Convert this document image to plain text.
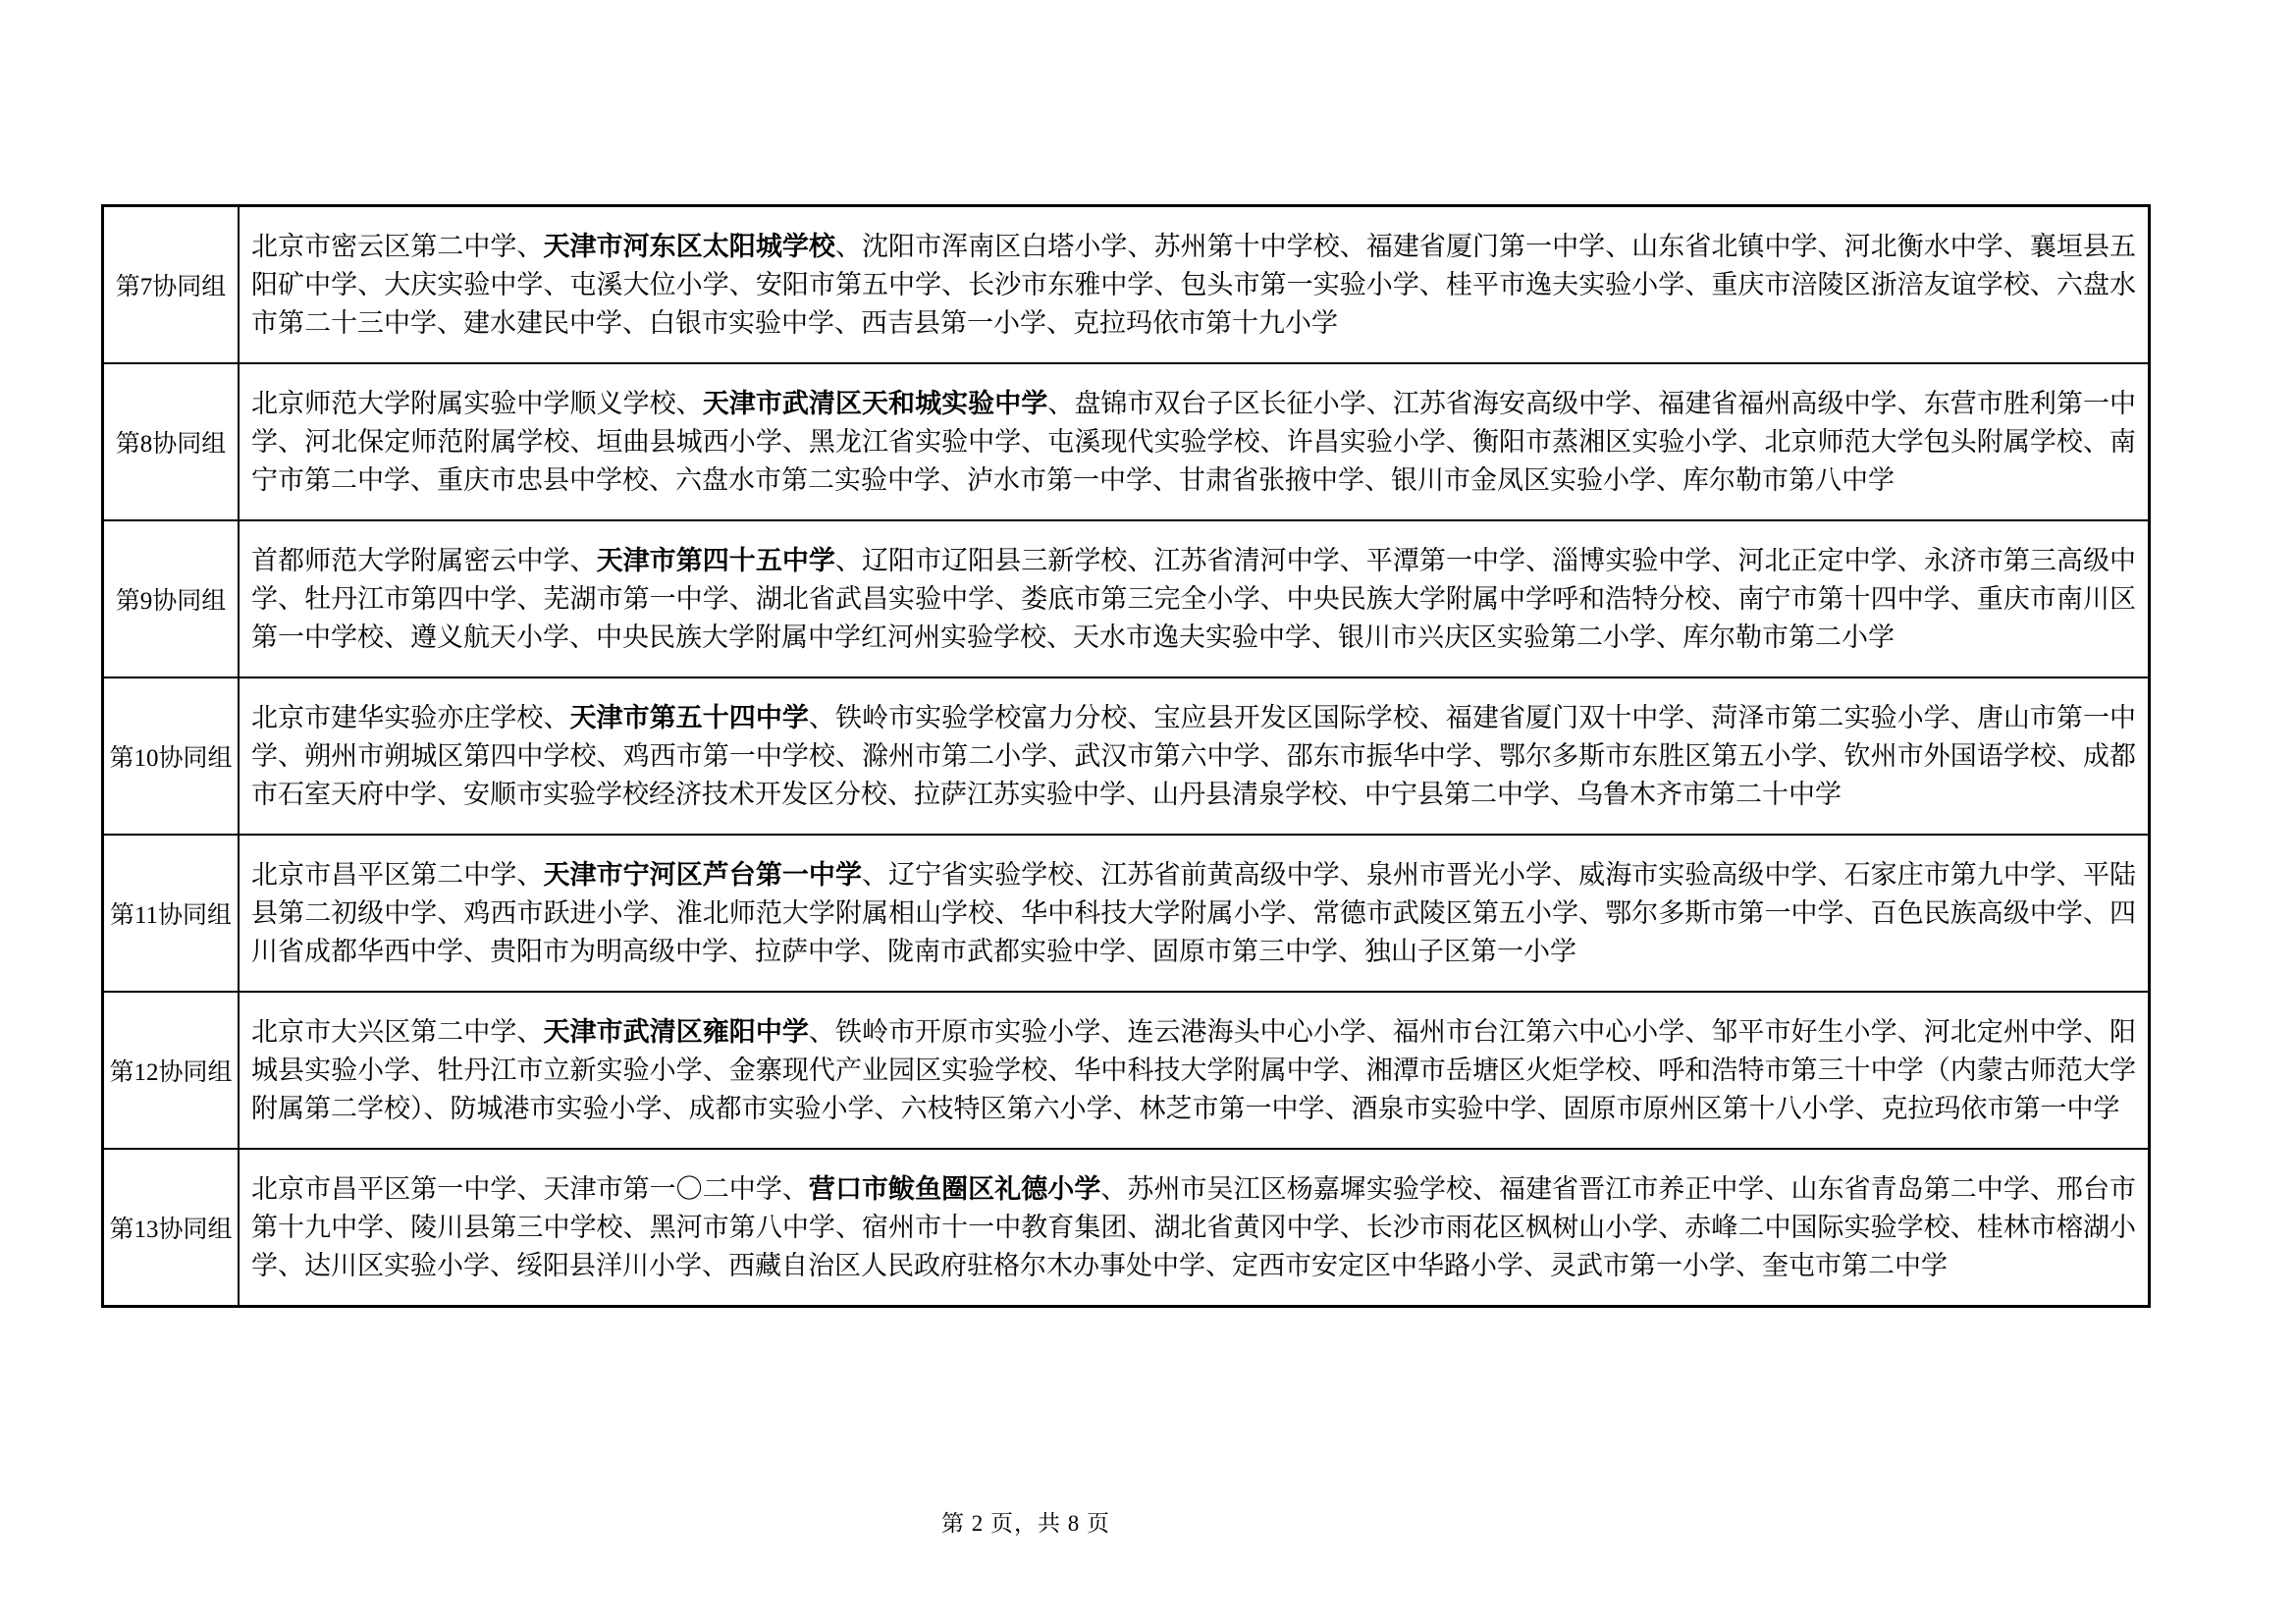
第7协同组	北京市密云区第二中学、天津市河东区太阳城学校、沈阳市浑南区白塔小学、苏州第十中学校、福建省厦门第一中学、山东省北镇中学、河北衡水中学、襄垣县五阳矿中学、大庆实验中学、屯溪大位小学、安阳市第五中学、长沙市东雅中学、包头市第一实验小学、桂平市逸夫实验小学、重庆市涪陵区浙涪友谊学校、六盘水市第二十三中学、建水建民中学、白银市实验中学、西吉县第一小学、克拉玛依市第十九小学
第8协同组	北京师范大学附属实验中学顺义学校、天津市武清区天和城实验中学、盘锦市双台子区长征小学、江苏省海安高级中学、福建省福州高级中学、东营市胜利第一中学、河北保定师范附属学校、垣曲县城西小学、黑龙江省实验中学、屯溪现代实验学校、许昌实验小学、衡阳市蒸湘区实验小学、北京师范大学包头附属学校、南宁市第二中学、重庆市忠县中学校、六盘水市第二实验中学、泸水市第一中学、甘肃省张掖中学、银川市金凤区实验小学、库尔勒市第八中学
第9协同组	首都师范大学附属密云中学、天津市第四十五中学、辽阳市辽阳县三新学校、江苏省清河中学、平潭第一中学、淄博实验中学、河北正定中学、永济市第三高级中学、牡丹江市第四中学、芜湖市第一中学、湖北省武昌实验中学、娄底市第三完全小学、中央民族大学附属中学呼和浩特分校、南宁市第十四中学、重庆市南川区第一中学校、遵义航天小学、中央民族大学附属中学红河州实验学校、天水市逸夫实验中学、银川市兴庆区实验第二小学、库尔勒市第二小学
第10协同组	北京市建华实验亦庄学校、天津市第五十四中学、铁岭市实验学校富力分校、宝应县开发区国际学校、福建省厦门双十中学、菏泽市第二实验小学、唐山市第一中学、朔州市朔城区第四中学校、鸡西市第一中学校、滁州市第二小学、武汉市第六中学、邵东市振华中学、鄂尔多斯市东胜区第五小学、钦州市外国语学校、成都市石室天府中学、安顺市实验学校经济技术开发区分校、拉萨江苏实验中学、山丹县清泉学校、中宁县第二中学、乌鲁木齐市第二十中学
第11协同组	北京市昌平区第二中学、天津市宁河区芦台第一中学、辽宁省实验学校、江苏省前黄高级中学、泉州市晋光小学、威海市实验高级中学、石家庄市第九中学、平陆县第二初级中学、鸡西市跃进小学、淮北师范大学附属相山学校、华中科技大学附属小学、常德市武陵区第五小学、鄂尔多斯市第一中学、百色民族高级中学、四川省成都华西中学、贵阳市为明高级中学、拉萨中学、陇南市武都实验中学、固原市第三中学、独山子区第一小学
第12协同组	北京市大兴区第二中学、天津市武清区雍阳中学、铁岭市开原市实验小学、连云港海头中心小学、福州市台江第六中心小学、邹平市好生小学、河北定州中学、阳城县实验小学、牡丹江市立新实验小学、金寨现代产业园区实验学校、华中科技大学附属中学、湘潭市岳塘区火炬学校、呼和浩特市第三十中学（内蒙古师范大学附属第二学校）、防城港市实验小学、成都市实验小学、六枝特区第六小学、林芝市第一中学、酒泉市实验中学、固原市原州区第十八小学、克拉玛依市第一中学
第13协同组	北京市昌平区第一中学、天津市第一〇二中学、营口市鲅鱼圈区礼德小学、苏州市吴江区杨嘉墀实验学校、福建省晋江市养正中学、山东省青岛第二中学、邢台市第十九中学、陵川县第三中学校、黑河市第八中学、宿州市十一中教育集团、湖北省黄冈中学、长沙市雨花区枫树山小学、赤峰二中国际实验学校、桂林市榕湖小学、达川区实验小学、绥阳县洋川小学、西藏自治区人民政府驻格尔木办事处中学、定西市安定区中华路小学、灵武市第一小学、奎屯市第二中学
第 2 页，共 8 页
